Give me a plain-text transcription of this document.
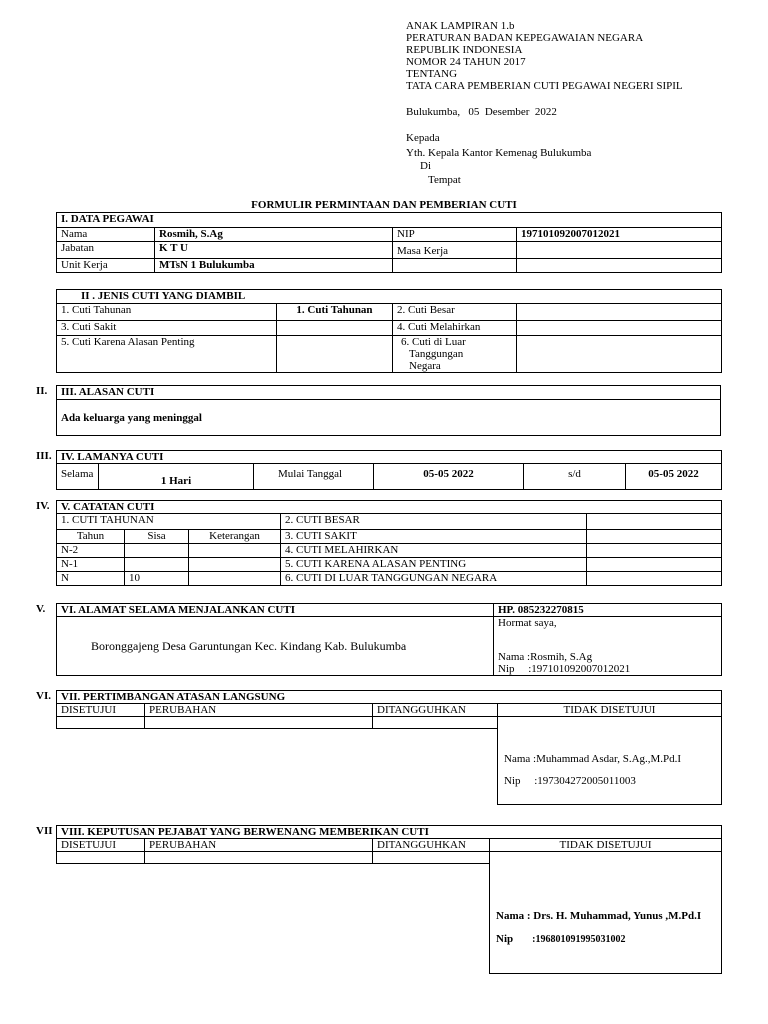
ANAK LAMPIRAN 1.b
PERATURAN BADAN KEPEGAWAIAN NEGARA
REPUBLIK INDONESIA
NOMOR 24 TAHUN 2017
TENTANG
TATA CARA PEMBERIAN CUTI PEGAWAI NEGERI SIPIL
Bulukumba,   05  Desember  2022
Kepada
Yth. Kepala Kantor Kemenag Bulukumba
Di
Tempat
FORMULIR PERMINTAAN DAN PEMBERIAN CUTI
I. DATA PEGAWAI			
Nama	Rosmih, S.Ag	NIP	197101092007012021
Jabatan	K T U	Masa Kerja	
Unit Kerja	MTsN 1 Bulukumba		
II . JENIS CUTI YANG DIAMBIL			
1. Cuti Tahunan	1. Cuti Tahunan	2. Cuti Besar	
3. Cuti Sakit		4. Cuti Melahirkan	
5. Cuti Karena Alasan Penting		6. Cuti di Luar
Tanggungan
Negara	

II. III. ALASAN CUTI
Ada keluarga yang meninggal
III. IV. LAMANYA CUTI
Selama	1 Hari	Mulai Tanggal	05-05 2022	s/d	05-05 2022
IV. V. CATATAN CUTI				
1. CUTI TAHUNAN			2. CUTI BESAR	
Tahun	Sisa	Keterangan	3. CUTI SAKIT	
N-2			4. CUTI MELAHIRKAN	
N-1			5. CUTI KARENA ALASAN PENTING	
N	10		6. CUTI DI LUAR TANGGUNGAN NEGARA	
V. VI. ALAMAT SELAMA MENJALANKAN CUTI	HP. 085232270815
Boronggajeng Desa Garuntungan Kec. Kindang Kab. Bulukumba	Hormat saya,
Nama :Rosmih, S.Ag
Nip     :197101092007012021
VI. VII. PERTIMBANGAN ATASAN LANGSUNG			
DISETUJUI	PERUBAHAN	DITANGGUHKAN	TIDAK DISETUJUI

			Nama :Muhammad Asdar, S.Ag.,M.Pd.I
Nip     :197304272005011003

VII VIII. KEPUTUSAN PEJABAT YANG BERWENANG MEMBERIKAN CUTI			
DISETUJUI	PERUBAHAN	DITANGGUHKAN	TIDAK DISETUJUI

			Nama : Drs. H. Muhammad, Yunus ,M.Pd.I
Nip :196801091995031002
